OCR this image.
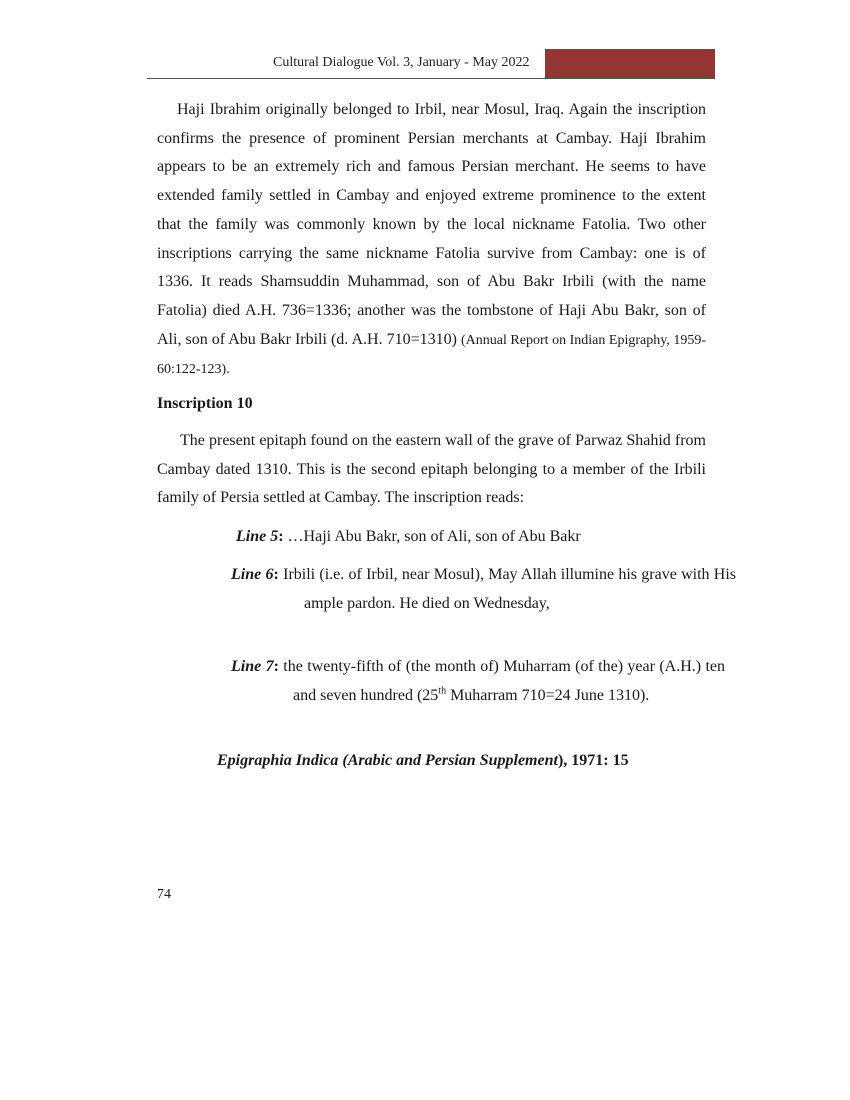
Cultural Dialogue Vol. 3, January - May 2022
Haji Ibrahim originally belonged to Irbil, near Mosul, Iraq. Again the inscription confirms the presence of prominent Persian merchants at Cambay. Haji Ibrahim appears to be an extremely rich and famous Persian merchant. He seems to have extended family settled in Cambay and enjoyed extreme prominence to the extent that the family was commonly known by the local nickname Fatolia. Two other inscriptions carrying the same nickname Fatolia survive from Cambay: one is of 1336. It reads Shamsuddin Muhammad, son of Abu Bakr Irbili (with the name Fatolia) died A.H. 736=1336; another was the tombstone of Haji Abu Bakr, son of Ali, son of Abu Bakr Irbili (d. A.H. 710=1310) (Annual Report on Indian Epigraphy, 1959-60:122-123).
Inscription 10
The present epitaph found on the eastern wall of the grave of Parwaz Shahid from Cambay dated 1310. This is the second epitaph belonging to a member of the Irbili family of Persia settled at Cambay. The inscription reads:
Line 5: …Haji Abu Bakr, son of Ali, son of Abu Bakr
Line 6: Irbili (i.e. of Irbil, near Mosul), May Allah illumine his grave with His ample pardon. He died on Wednesday,
Line 7: the twenty-fifth of (the month of) Muharram (of the) year (A.H.) ten and seven hundred (25th Muharram 710=24 June 1310).
Epigraphia Indica (Arabic and Persian Supplement), 1971: 15
74
